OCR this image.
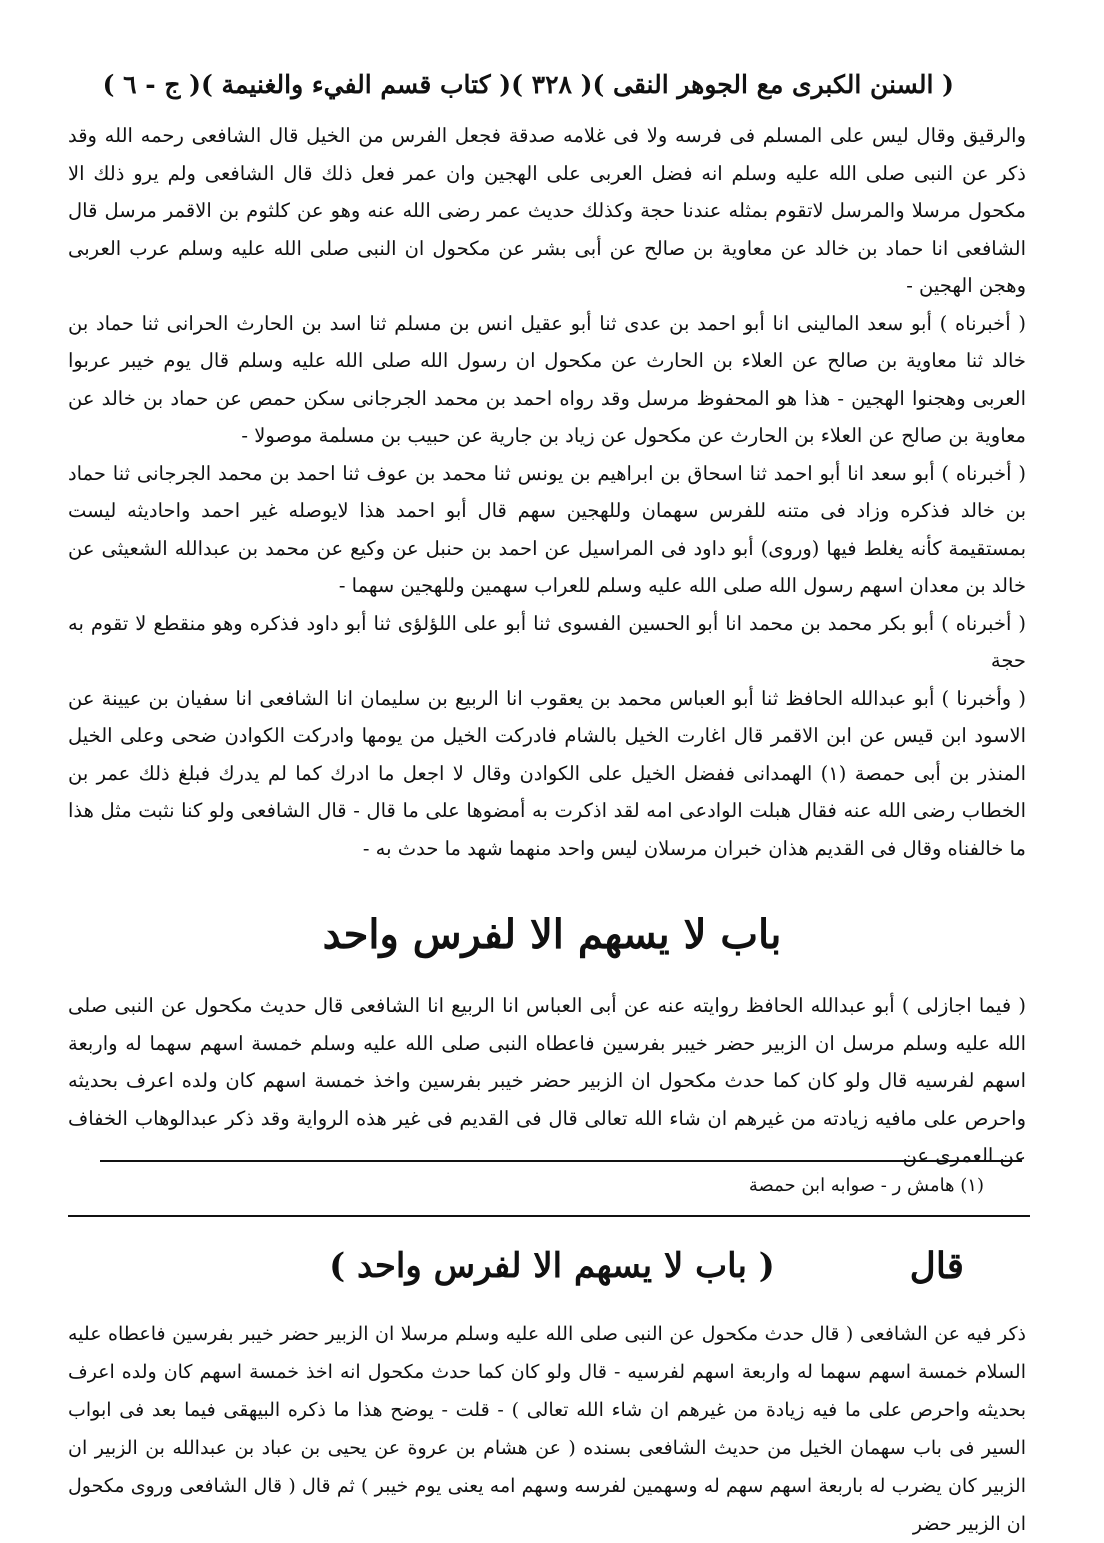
( السنن الكبرى مع الجوهر النقى )
( ٣٢٨ )
( كتاب قسم الفيء والغنيمة )
( ج - ٦ )

والرقيق وقال ليس على المسلم فى فرسه ولا فى غلامه صدقة فجعل الفرس من الخيل قال الشافعى رحمه الله وقد ذكر عن النبى صلى الله عليه وسلم انه فضل العربى على الهجين وان عمر فعل ذلك قال الشافعى ولم يرو ذلك الا مكحول مرسلا والمرسل لاتقوم بمثله عندنا حجة وكذلك حديث عمر رضى الله عنه وهو عن كلثوم بن الاقمر مرسل قال الشافعى انا حماد بن خالد عن معاوية بن صالح عن أبى بشر عن مكحول ان النبى صلى الله عليه وسلم عرب العربى وهجن الهجين -

( أخبرناه ) أبو سعد المالينى انا أبو احمد بن عدى ثنا أبو عقيل انس بن مسلم ثنا اسد بن الحارث الحرانى ثنا حماد بن خالد ثنا معاوية بن صالح عن العلاء بن الحارث عن مكحول ان رسول الله صلى الله عليه وسلم قال يوم خيبر عربوا العربى وهجنوا الهجين - هذا هو المحفوظ مرسل وقد رواه احمد بن محمد الجرجانى سكن حمص عن حماد بن خالد عن معاوية بن صالح عن العلاء بن الحارث عن مكحول عن زياد بن جارية عن حبيب بن مسلمة موصولا -

( أخبرناه ) أبو سعد انا أبو احمد ثنا اسحاق بن ابراهيم بن يونس ثنا محمد بن عوف ثنا احمد بن محمد الجرجانى ثنا حماد بن خالد فذكره وزاد فى متنه للفرس سهمان وللهجين سهم قال أبو احمد هذا لايوصله غير احمد واحاديثه ليست بمستقيمة كأنه يغلط فيها (وروى) أبو داود فى المراسيل عن احمد بن حنبل عن وكيع عن محمد بن عبدالله الشعيثى عن خالد بن معدان اسهم رسول الله صلى الله عليه وسلم للعراب سهمين وللهجين سهما -

( أخبرناه ) أبو بكر محمد بن محمد انا أبو الحسين الفسوى ثنا أبو على اللؤلؤى ثنا أبو داود فذكره وهو منقطع لا تقوم به حجة

( وأخبرنا ) أبو عبدالله الحافظ ثنا أبو العباس محمد بن يعقوب انا الربيع بن سليمان انا الشافعى انا سفيان بن عيينة عن الاسود ابن قيس عن ابن الاقمر قال اغارت الخيل بالشام فادركت الخيل من يومها وادركت الكوادن ضحى وعلى الخيل المنذر بن أبى حمصة (١) الهمدانى ففضل الخيل على الكوادن وقال لا اجعل ما ادرك كما لم يدرك فبلغ ذلك عمر بن الخطاب رضى الله عنه فقال هبلت الوادعى امه لقد اذكرت به أمضوها على ما قال - قال الشافعى ولو كنا نثبت مثل هذا ما خالفناه وقال فى القديم هذان خبران مرسلان ليس واحد منهما شهد ما حدث به -

باب لا يسهم الا لفرس واحد

( فيما اجازلى ) أبو عبدالله الحافظ روايته عنه عن أبى العباس انا الربيع انا الشافعى قال حديث مكحول عن النبى صلى الله عليه وسلم مرسل ان الزبير حضر خيبر بفرسين فاعطاه النبى صلى الله عليه وسلم خمسة اسهم سهما له واربعة اسهم لفرسيه قال ولو كان كما حدث مكحول ان الزبير حضر خيبر بفرسين واخذ خمسة اسهم كان ولده اعرف بحديثه واحرص على مافيه زيادته من غيرهم ان شاء الله تعالى قال فى القديم فى غير هذه الرواية وقد ذكر عبدالوهاب الخفاف عن العمرى عن

(١) هامش ر - صوابه ابن حمصة
قال
( باب لا يسهم الا لفرس واحد )

ذكر فيه عن الشافعى ( قال حدث مكحول عن النبى صلى الله عليه وسلم مرسلا ان الزبير حضر خيبر بفرسين فاعطاه عليه السلام خمسة اسهم سهما له واربعة اسهم لفرسيه - قال ولو كان كما حدث مكحول انه اخذ خمسة اسهم كان ولده اعرف بحديثه واحرص على ما فيه زيادة من غيرهم ان شاء الله تعالى ) - قلت - يوضح هذا ما ذكره البيهقى فيما بعد فى ابواب السير فى باب سهمان الخيل من حديث الشافعى بسنده ( عن هشام بن عروة عن يحيى بن عباد بن عبدالله بن الزبير ان الزبير كان يضرب له باربعة اسهم سهم له وسهمين لفرسه وسهم امه يعنى يوم خيبر ) ثم قال ( قال الشافعى وروى مكحول ان الزبير حضر
